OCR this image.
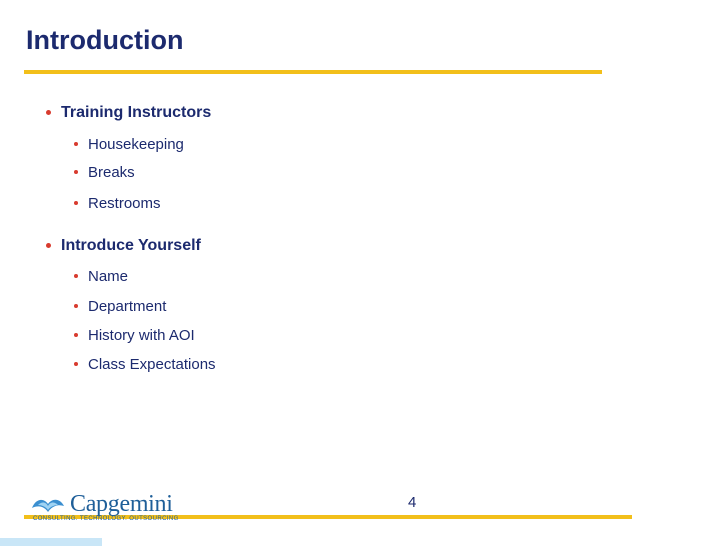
Introduction
Training Instructors
Housekeeping
Breaks
Restrooms
Introduce Yourself
Name
Department
History with AOI
Class Expectations
4
Capgemini
CONSULTING. TECHNOLOGY. OUTSOURCING
